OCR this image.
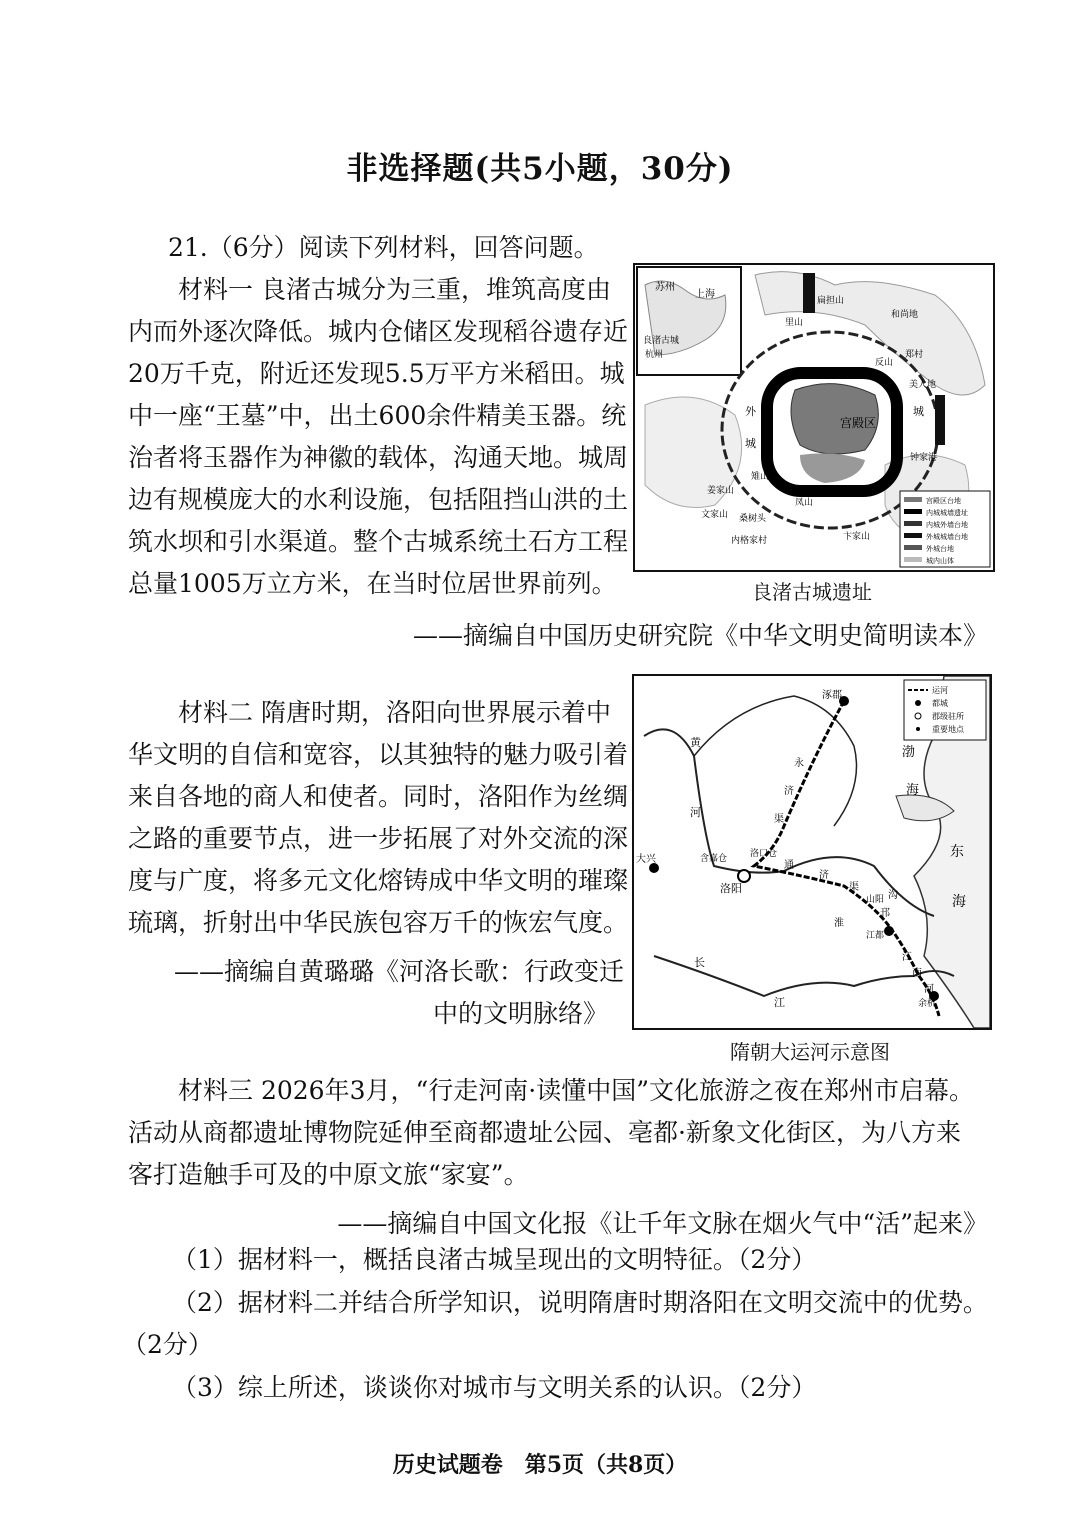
非选择题(共5小题，30分)
21.（6分）阅读下列材料，回答问题。
材料一 良渚古城分为三重，堆筑高度由
内而外逐次降低。城内仓储区发现稻谷遗存近
20万千克，附近还发现5.5万平方米稻田。城
中一座“王墓”中，出土600余件精美玉器。统
治者将玉器作为神徽的载体，沟通天地。城周
边有规模庞大的水利设施，包括阻挡山洪的土
筑水坝和引水渠道。整个古城系统土石方工程
总量1005万立方米，在当时位居世界前列。
苏州
上海
良渚古城
杭州
宫殿区
外
城
内
城
凤山
雉山
反山
卞家山
美人地
钟家港
扁担山
和尚地
里山
郑村
姜家山
文家山 桑树头
内格家村
宫殿区台地
内城城墙遗址
内城外墙台地
外城城墙台地
外城台地
城内山体
良渚古城遗址
——摘编自中国历史研究院《中华文明史简明读本》
材料二 隋唐时期，洛阳向世界展示着中
华文明的自信和宽容，以其独特的魅力吸引着
来自各地的商人和使者。同时，洛阳作为丝绸
之路的重要节点，进一步拓展了对外交流的深
度与广度，将多元文化熔铸成中华文明的璀璨
琉璃，折射出中华民族包容万千的恢宏气度。
——摘编自黄璐璐《河洛长歌：行政变迁
中的文明脉络》
运河
都城
郡级驻所
重要地点
涿郡
渤
海
东
海
大兴
洛阳
含嘉仓	洛口仓
江都
余杭
山阳
黄
河
长
江
永
济
渠
通
济
渠
邗
沟
江
南
河
淮
隋朝大运河示意图
材料三 2026年3月，“行走河南·读懂中国”文化旅游之夜在郑州市启幕。
活动从商都遗址博物院延伸至商都遗址公园、亳都·新象文化街区，为八方来
客打造触手可及的中原文旅“家宴”。
——摘编自中国文化报《让千年文脉在烟火气中“活”起来》
（1）据材料一，概括良渚古城呈现出的文明特征。（2分）
（2）据材料二并结合所学知识，说明隋唐时期洛阳在文明交流中的优势。
（2分）
（3）综上所述，谈谈你对城市与文明关系的认识。（2分）
历史试题卷　第5页（共8页）
